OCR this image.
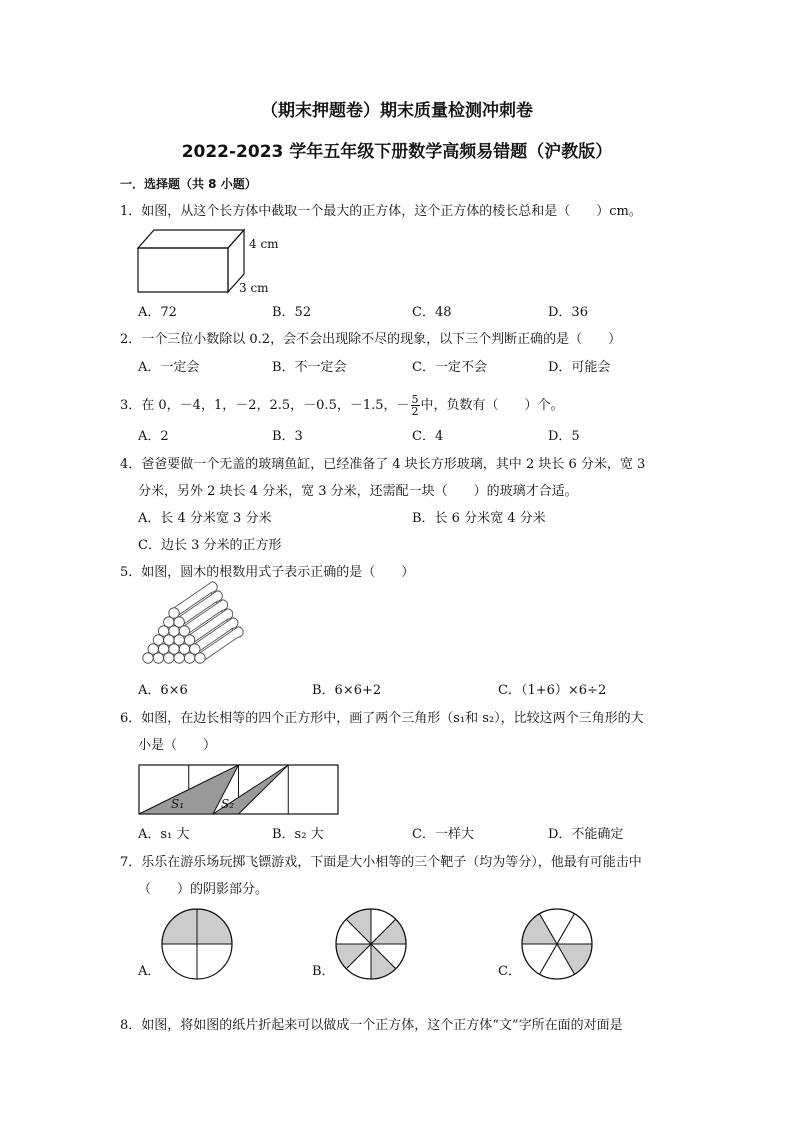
（期末押题卷）期末质量检测冲刺卷
2022-2023 学年五年级下册数学高频易错题（沪教版）
一．选择题（共 8 小题）
1．如图，从这个长方体中截取一个最大的正方体，这个正方体的棱长总和是（　　）cm。
4 cm
3 cm
A．72	B．52	C．48	D．36
2．一个三位小数除以 0.2，会不会出现除不尽的现象，以下三个判断正确的是（　　）
A．一定会	B．不一定会	C．一定不会	D．可能会
3．在 0，－4，1，－2，2.5，－0.5，－1.5，－ $\frac{5}{2}$ 中，负数有（　　）个。
A．2	B．3	C．4	D．5
4．爸爸要做一个无盖的玻璃鱼缸，已经准备了 4 块长方形玻璃，其中 2 块长 6 分米，宽 3
分米，另外 2 块长 4 分米，宽 3 分米，还需配一块（　　）的玻璃才合适。
A．长 4 分米宽 3 分米	B．长 6 分米宽 4 分米
C．边长 3 分米的正方形
5．如图，圆木的根数用式子表示正确的是（　　）
A．6×6	B．6×6+2	C．（1+6）×6÷2
6．如图，在边长相等的四个正方形中，画了两个三角形（s₁和 s₂），比较这两个三角形的大
小是（　　）
S₁	S₂
A．s₁ 大	B．s₂ 大	C．一样大	D．不能确定
7．乐乐在游乐场玩掷飞镖游戏，下面是大小相等的三个靶子（均为等分），他最有可能击中
（　　）的阴影部分。
A．	B．	C．
8．如图，将如图的纸片折起来可以做成一个正方体，这个正方体“文”字所在面的对面是
